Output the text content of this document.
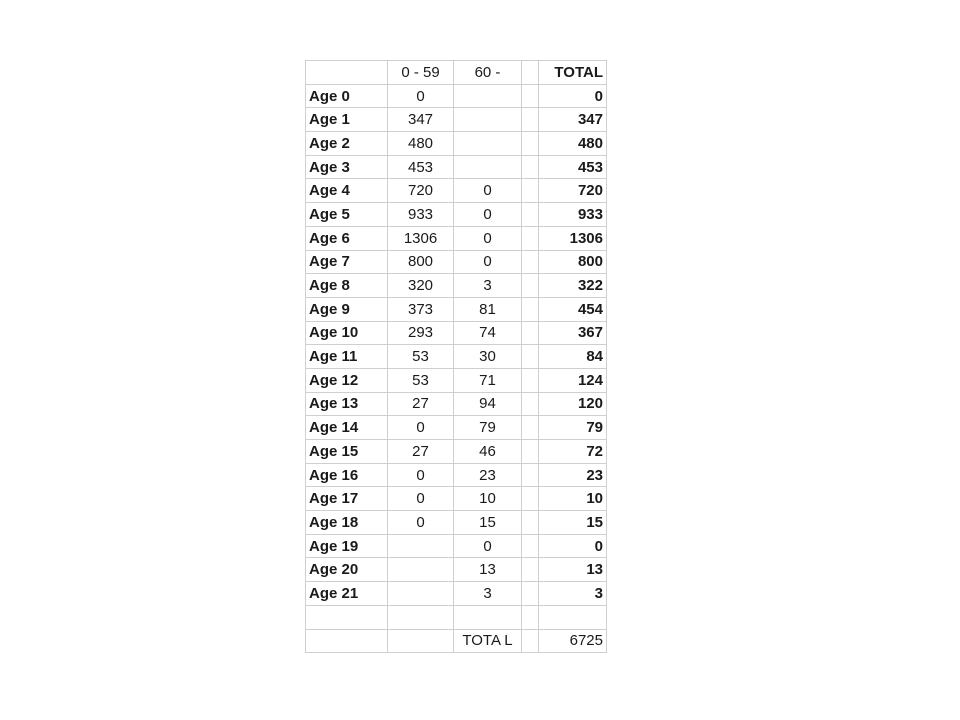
	0 - 59	60 -		TOTAL
Age 0	0			0
Age 1	347			347
Age 2	480			480
Age 3	453			453
Age 4	720	0		720
Age 5	933	0		933
Age 6	1306	0		1306
Age 7	800	0		800
Age 8	320	3		322
Age 9	373	81		454
Age 10	293	74		367
Age 11	53	30		84
Age 12	53	71		124
Age 13	27	94		120
Age 14	0	79		79
Age 15	27	46		72
Age 16	0	23		23
Age 17	0	10		10
Age 18	0	15		15
Age 19		0		0
Age 20		13		13
Age 21		3		3

		TOTA L		6725
